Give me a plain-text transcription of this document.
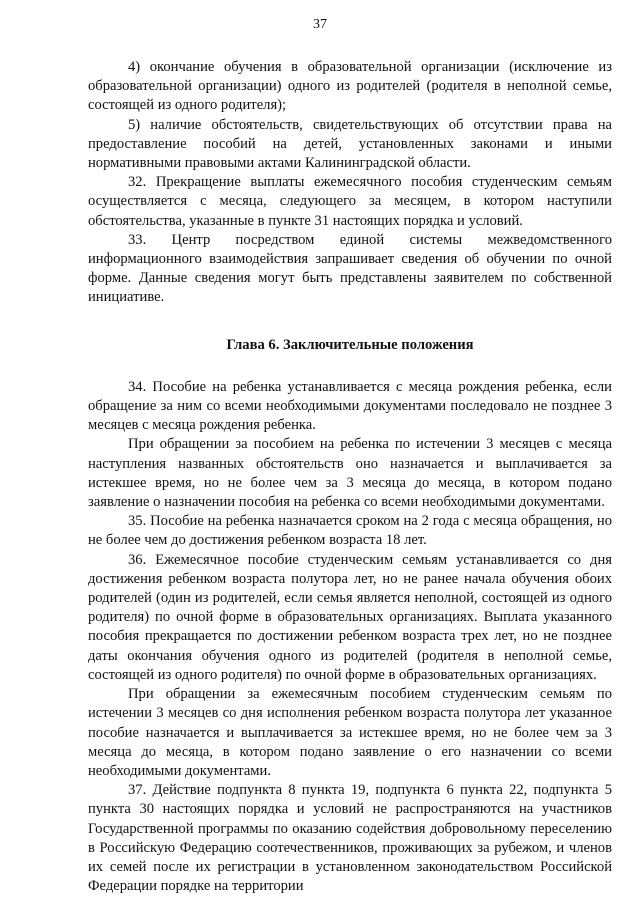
37

4) окончание обучения в образовательной организации (исключение из образовательной организации) одного из родителей (родителя в неполной семье, состоящей из одного родителя);

5) наличие обстоятельств, свидетельствующих об отсутствии права на предоставление пособий на детей, установленных законами и иными нормативными правовыми актами Калининградской области.

32. Прекращение выплаты ежемесячного пособия студенческим семьям осуществляется с месяца, следующего за месяцем, в котором наступили обстоятельства, указанные в пункте 31 настоящих порядка и условий.

33. Центр посредством единой системы межведомственного информационного взаимодействия запрашивает сведения об обучении по очной форме. Данные сведения могут быть представлены заявителем по собственной инициативе.

Глава 6. Заключительные положения

34. Пособие на ребенка устанавливается с месяца рождения ребенка, если обращение за ним со всеми необходимыми документами последовало не позднее 3 месяцев с месяца рождения ребенка.

При обращении за пособием на ребенка по истечении 3 месяцев с месяца наступления названных обстоятельств оно назначается и выплачивается за истекшее время, но не более чем за 3 месяца до месяца, в котором подано заявление о назначении пособия на ребенка со всеми необходимыми документами.

35. Пособие на ребенка назначается сроком на 2 года с месяца обращения, но не более чем до достижения ребенком возраста 18 лет.

36. Ежемесячное пособие студенческим семьям устанавливается со дня достижения ребенком возраста полутора лет, но не ранее начала обучения обоих родителей (один из родителей, если семья является неполной, состоящей из одного родителя) по очной форме в образовательных организациях. Выплата указанного пособия прекращается по достижении ребенком возраста трех лет, но не позднее даты окончания обучения одного из родителей (родителя в неполной семье, состоящей из одного родителя) по очной форме в образовательных организациях.

При обращении за ежемесячным пособием студенческим семьям по истечении 3 месяцев со дня исполнения ребенком возраста полутора лет указанное пособие назначается и выплачивается за истекшее время, но не более чем за 3 месяца до месяца, в котором подано заявление о его назначении со всеми необходимыми документами.

37. Действие подпункта 8 пункта 19, подпункта 6 пункта 22, подпункта 5 пункта 30 настоящих порядка и условий не распространяются на участников Государственной программы по оказанию содействия добровольному переселению в Российскую Федерацию соотечественников, проживающих за рубежом, и членов их семей после их регистрации в установленном законодательством Российской Федерации порядке на территории
